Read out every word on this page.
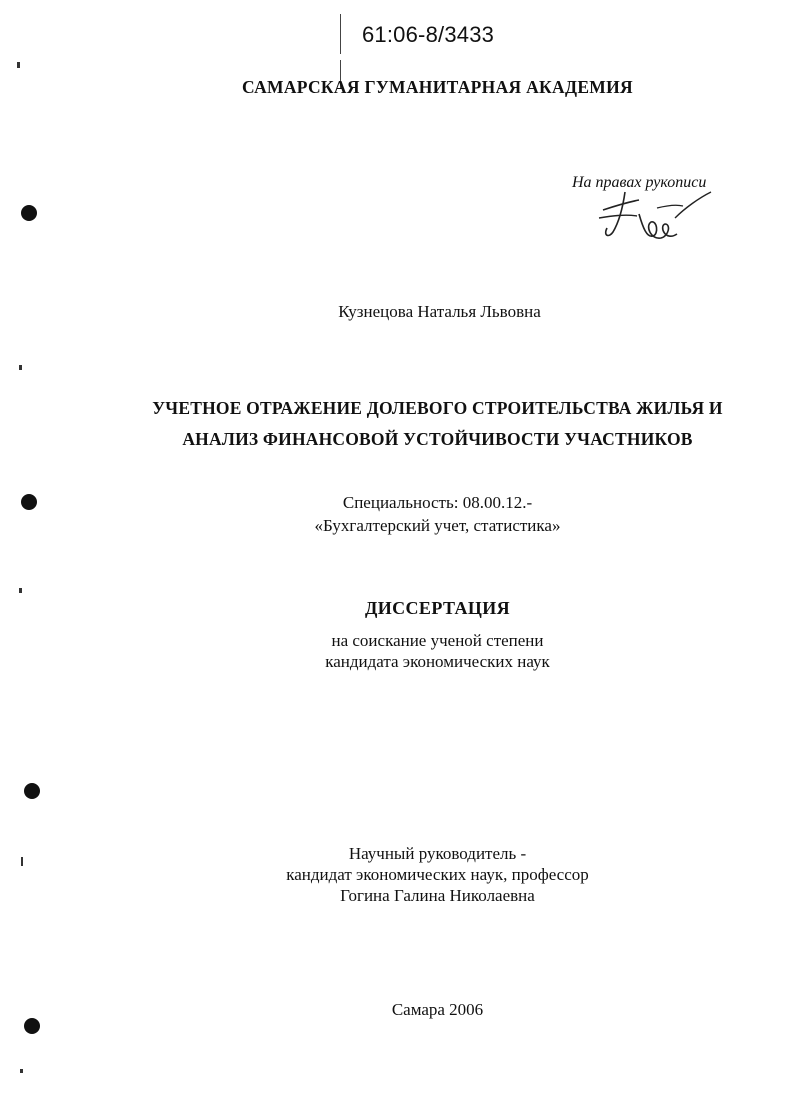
61:06-8/3433
САМАРСКАЯ ГУМАНИТАРНАЯ АКАДЕМИЯ
На правах рукописи
Кузнецова Наталья Львовна
УЧЕТНОЕ ОТРАЖЕНИЕ ДОЛЕВОГО СТРОИТЕЛЬСТВА ЖИЛЬЯ И
АНАЛИЗ ФИНАНСОВОЙ УСТОЙЧИВОСТИ УЧАСТНИКОВ
Специальность: 08.00.12.-
«Бухгалтерский учет, статистика»
ДИССЕРТАЦИЯ
на соискание ученой степени
кандидата экономических наук
Научный руководитель -
кандидат экономических наук, профессор
Гогина Галина Николаевна
Самара 2006
